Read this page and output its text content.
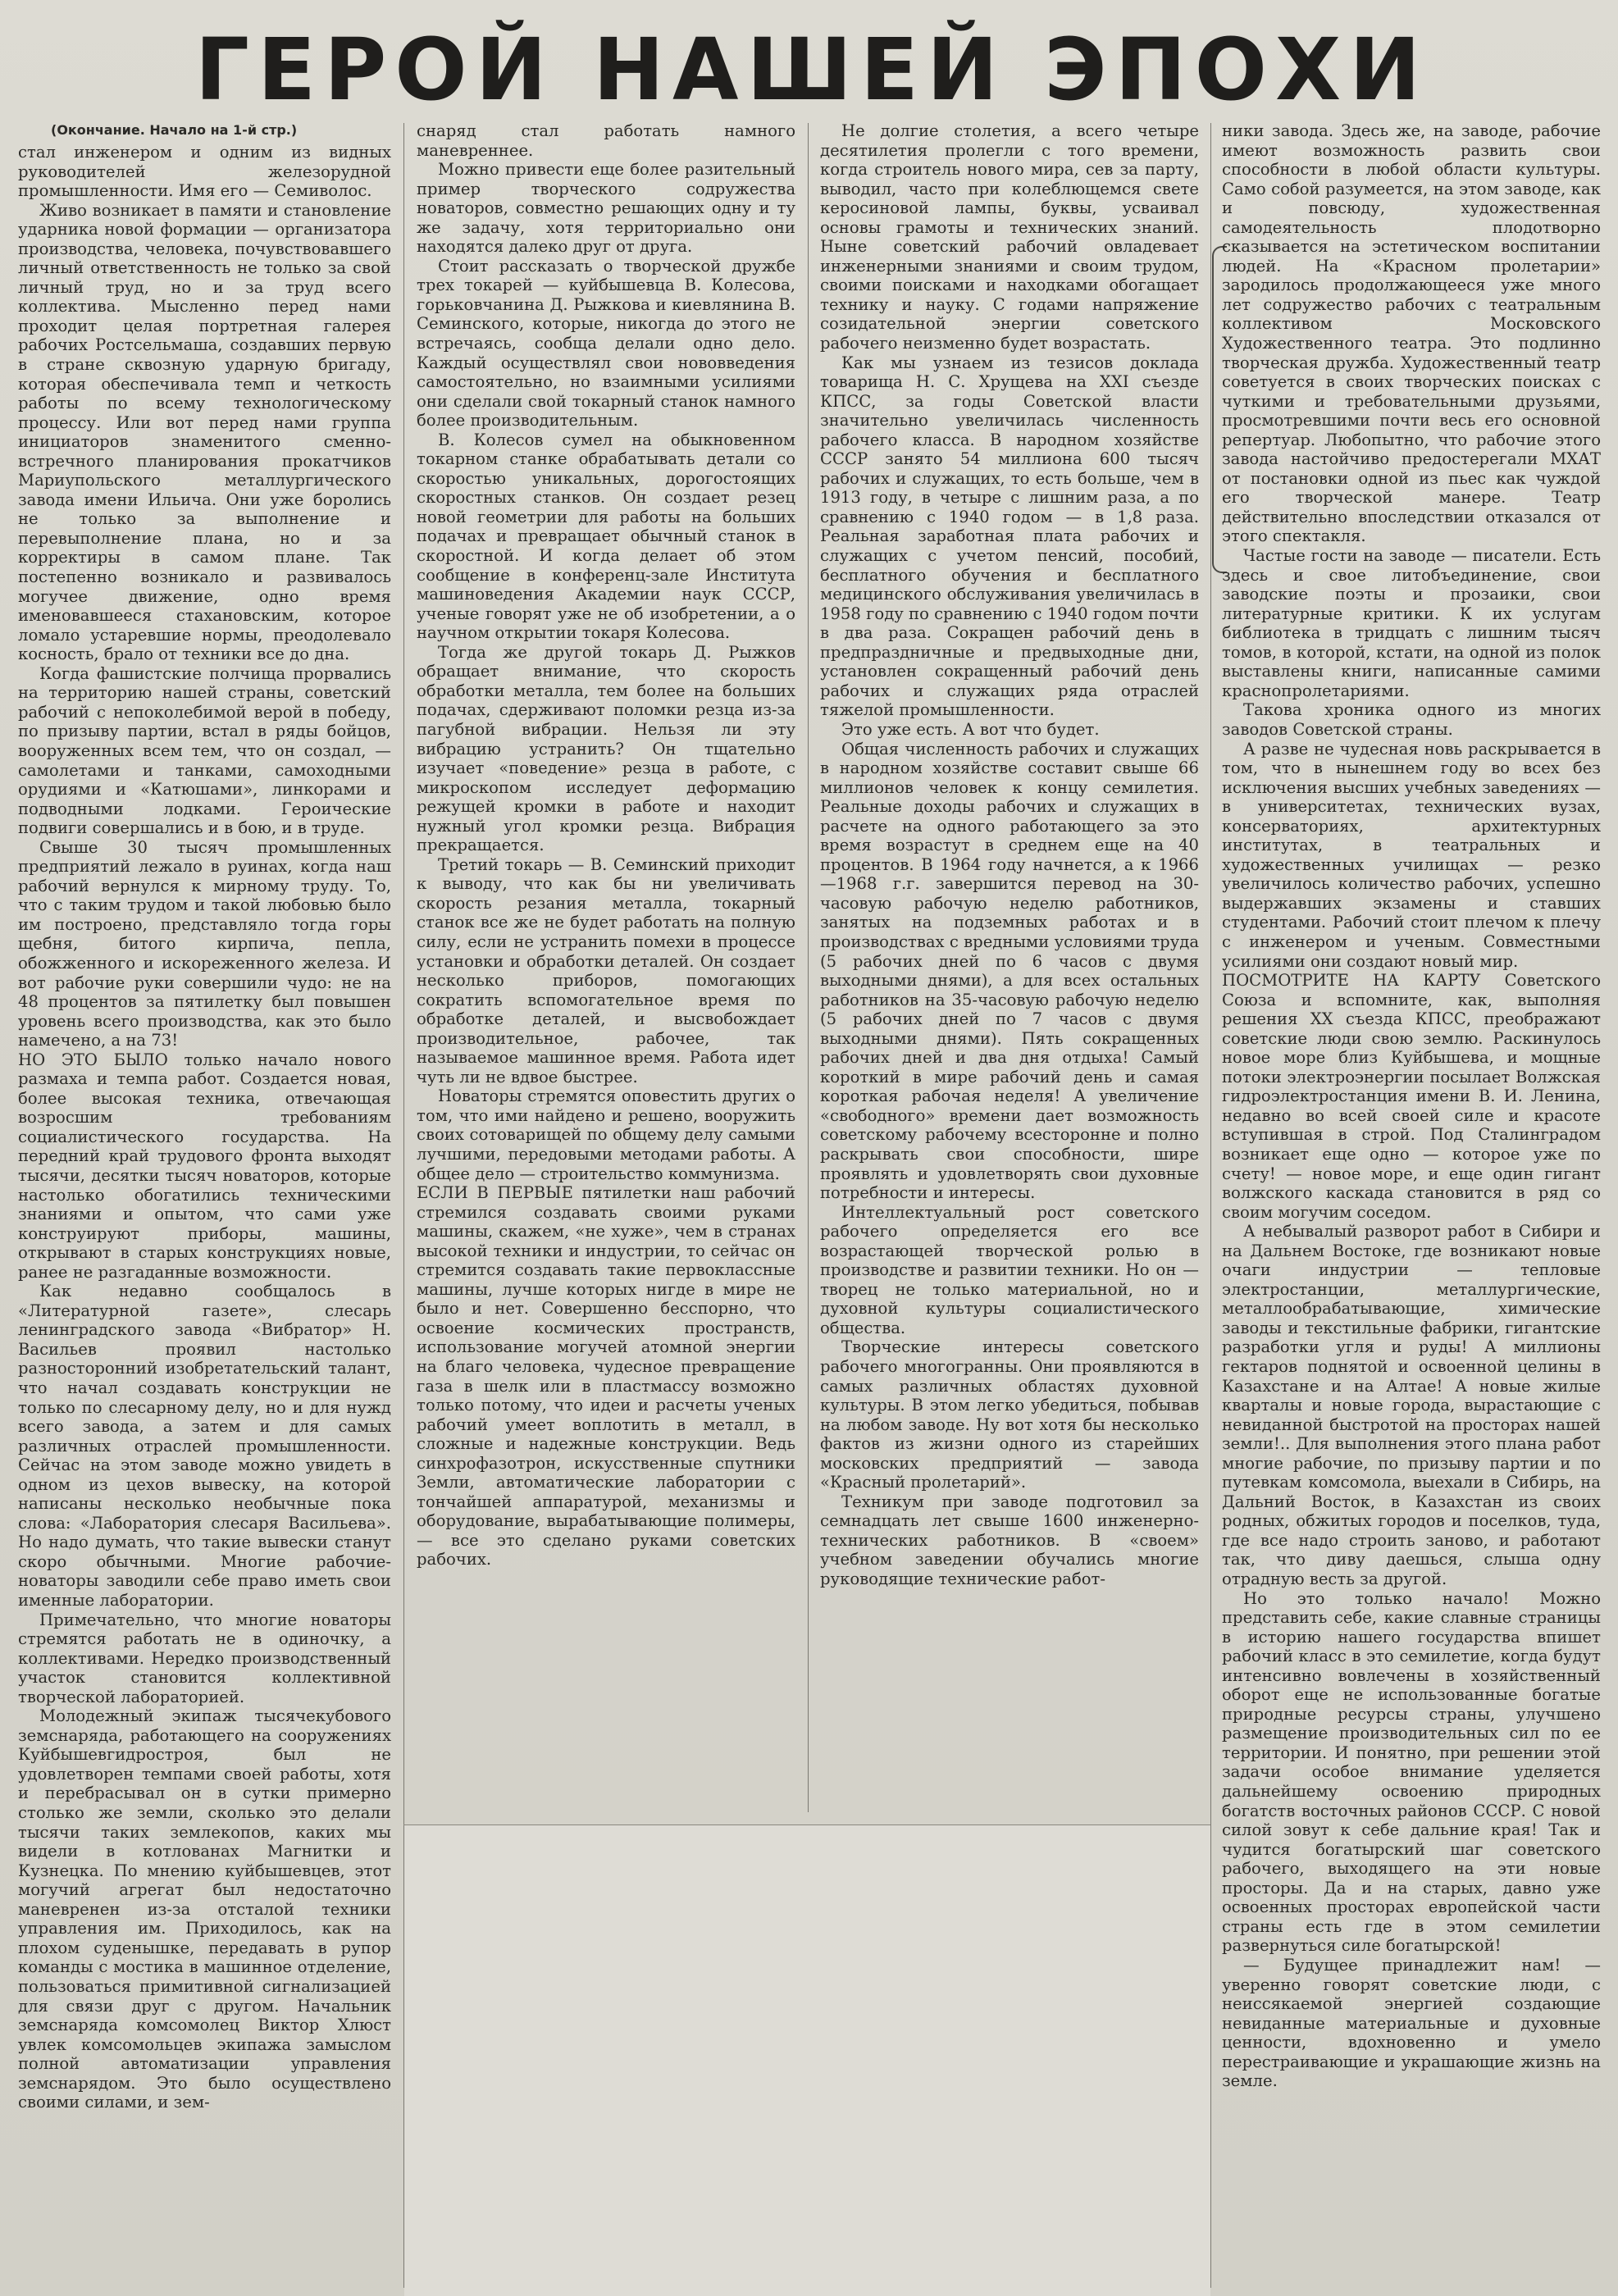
ГЕРОЙ НАШЕЙ ЭПОХИ
(Окончание. Начало на 1-й стр.)

стал инженером и одним из видных руководителей железорудной промышленности. Имя его — Семиволос.

Живо возникает в памяти и становление ударника новой формации — организатора производства, человека, почувствовавшего личный ответственность не только за свой личный труд, но и за труд всего коллектива. Мысленно перед нами проходит целая портретная галерея рабочих Ростсельмаша, создавших первую в стране сквозную ударную бригаду, которая обеспечивала темп и четкость работы по всему технологическому процессу. Или вот перед нами группа инициаторов знаменитого сменно-встречного планирования прокатчиков Мариупольского металлургического завода имени Ильича. Они уже боролись не только за выполнение и перевыполнение плана, но и за корректиры в самом плане. Так постепенно возникало и развивалось могучее движение, одно время именовавшееся стахановским, которое ломало устаревшие нормы, преодолевало косность, брало от техники все до дна.

Когда фашистские полчища прорвались на территорию нашей страны, советский рабочий с непоколебимой верой в победу, по призыву партии, встал в ряды бойцов, вооруженных всем тем, что он создал, — самолетами и танками, самоходными орудиями и «Катюшами», линкорами и подводными лодками. Героические подвиги совершались и в бою, и в труде.

Свыше 30 тысяч промышленных предприятий лежало в руинах, когда наш рабочий вернулся к мирному труду. То, что с таким трудом и такой любовью было им построено, представляло тогда горы щебня, битого кирпича, пепла, обожженного и искореженного железа. И вот рабочие руки совершили чудо: не на 48 процентов за пятилетку был повышен уровень всего производства, как это было намечено, а на 73!

НО ЭТО БЫЛО только начало нового размаха и темпа работ. Создается новая, более высокая техника, отвечающая возросшим требованиям социалистического государства. На передний край трудового фронта выходят тысячи, десятки тысяч новаторов, которые настолько обогатились техническими знаниями и опытом, что сами уже конструируют приборы, машины, открывают в старых конструкциях новые, ранее не разгаданные возможности.

Как недавно сообщалось в «Литературной газете», слесарь ленинградского завода «Вибратор» Н. Васильев проявил настолько разносторонний изобретательский талант, что начал создавать конструкции не только по слесарному делу, но и для нужд всего завода, а затем и для самых различных отраслей промышленности. Сейчас на этом заводе можно увидеть в одном из цехов вывеску, на которой написаны несколько необычные пока слова: «Лаборатория слесаря Васильева». Но надо думать, что такие вывески станут скоро обычными. Многие рабочие-новаторы заводили себе право иметь свои именные лаборатории.

Примечательно, что многие новаторы стремятся работать не в одиночку, а коллективами. Нередко производственный участок становится коллективной творческой лабораторией.

Молодежный экипаж тысячекубового земснаряда, работающего на сооружениях Куйбышевгидростроя, был не удовлетворен темпами своей работы, хотя и перебрасывал он в сутки примерно столько же земли, сколько это делали тысячи таких землекопов, каких мы видели в котлованах Магнитки и Кузнецка. По мнению куйбышевцев, этот могучий агрегат был недостаточно маневренен из-за отсталой техники управления им. Приходилось, как на плохом суденышке, передавать в рупор команды с мостика в машинное отделение, пользоваться примитивной сигнализацией для связи друг с другом. Начальник земснаряда комсомолец Виктор Хлюст увлек комсомольцев экипажа замыслом полной автоматизации управления земснарядом. Это было осуществлено своими силами, и зем-

снаряд стал работать намного маневреннее.

Можно привести еще более разительный пример творческого содружества новаторов, совместно решающих одну и ту же задачу, хотя территориально они находятся далеко друг от друга.

Стоит рассказать о творческой дружбе трех токарей — куйбышевца В. Колесова, горьковчанина Д. Рыжкова и киевлянина В. Семинского, которые, никогда до этого не встречаясь, сообща делали одно дело. Каждый осуществлял свои нововведения самостоятельно, но взаимными усилиями они сделали свой токарный станок намного более производительным.

В. Колесов сумел на обыкновенном токарном станке обрабатывать детали со скоростью уникальных, дорогостоящих скоростных станков. Он создает резец новой геометрии для работы на больших подачах и превращает обычный станок в скоростной. И когда делает об этом сообщение в конференц-зале Института машиноведения Академии наук СССР, ученые говорят уже не об изобретении, а о научном открытии токаря Колесова.

Тогда же другой токарь Д. Рыжков обращает внимание, что скорость обработки металла, тем более на больших подачах, сдерживают поломки резца из-за пагубной вибрации. Нельзя ли эту вибрацию устранить? Он тщательно изучает «поведение» резца в работе, с микроскопом исследует деформацию режущей кромки в работе и находит нужный угол кромки резца. Вибрация прекращается.

Третий токарь — В. Семинский приходит к выводу, что как бы ни увеличивать скорость резания металла, токарный станок все же не будет работать на полную силу, если не устранить помехи в процессе установки и обработки деталей. Он создает несколько приборов, помогающих сократить вспомогательное время по обработке деталей, и высвобождает производительное, рабочее, так называемое машинное время. Работа идет чуть ли не вдвое быстрее.

Новаторы стремятся оповестить других о том, что ими найдено и решено, вооружить своих сотоварищей по общему делу самыми лучшими, передовыми методами работы. А общее дело — строительство коммунизма.

ЕСЛИ В ПЕРВЫЕ пятилетки наш рабочий стремился создавать своими руками машины, скажем, «не хуже», чем в странах высокой техники и индустрии, то сейчас он стремится создавать такие первоклассные машины, лучше которых нигде в мире не было и нет. Совершенно бесспорно, что освоение космических пространств, использование могучей атомной энергии на благо человека, чудесное превращение газа в шелк или в пластмассу возможно только потому, что идеи и расчеты ученых рабочий умеет воплотить в металл, в сложные и надежные конструкции. Ведь синхрофазотрон, искусственные спутники Земли, автоматические лаборатории с тончайшей аппаратурой, механизмы и оборудование, вырабатывающие полимеры, — все это сделано руками советских рабочих.

Не долгие столетия, а всего четыре десятилетия пролегли с того времени, когда строитель нового мира, сев за парту, выводил, часто при колеблющемся свете керосиновой лампы, буквы, усваивал основы грамоты и технических знаний. Ныне советский рабочий овладевает инженерными знаниями и своим трудом, своими поисками и находками обогащает технику и науку. С годами напряжение созидательной энергии советского рабочего неизменно будет возрастать.

Как мы узнаем из тезисов доклада товарища Н. С. Хрущева на XXI съезде КПСС, за годы Советской власти значительно увеличилась численность рабочего класса. В народном хозяйстве СССР занято 54 миллиона 600 тысяч рабочих и служащих, то есть больше, чем в 1913 году, в четыре с лишним раза, а по сравнению с 1940 годом — в 1,8 раза. Реальная заработная плата рабочих и служащих с учетом пенсий, пособий, бесплатного обучения и бесплатного медицинского обслуживания увеличилась в 1958 году по сравнению с 1940 годом почти в два раза. Сокращен рабочий день в предпраздничные и предвыходные дни, установлен сокращенный рабочий день рабочих и служащих ряда отраслей тяжелой промышленности.

Это уже есть. А вот что будет.

Общая численность рабочих и служащих в народном хозяйстве составит свыше 66 миллионов человек к концу семилетия. Реальные доходы рабочих и служащих в расчете на одного работающего за это время возрастут в среднем еще на 40 процентов. В 1964 году начнется, а к 1966—1968 г.г. завершится перевод на 30-часовую рабочую неделю работников, занятых на подземных работах и в производствах с вредными условиями труда (5 рабочих дней по 6 часов с двумя выходными днями), а для всех остальных работников на 35-часовую рабочую неделю (5 рабочих дней по 7 часов с двумя выходными днями). Пять сокращенных рабочих дней и два дня отдыха! Самый короткий в мире рабочий день и самая короткая рабочая неделя! А увеличение «свободного» времени дает возможность советскому рабочему всесторонне и полно раскрывать свои способности, шире проявлять и удовлетворять свои духовные потребности и интересы.

Интеллектуальный рост советского рабочего определяется его все возрастающей творческой ролью в производстве и развитии техники. Но он — творец не только материальной, но и духовной культуры социалистического общества.

Творческие интересы советского рабочего многогранны. Они проявляются в самых различных областях духовной культуры. В этом легко убедиться, побывав на любом заводе. Ну вот хотя бы несколько фактов из жизни одного из старейших московских предприятий — завода «Красный пролетарий».

Техникум при заводе подготовил за семнадцать лет свыше 1600 инженерно-технических работников. В «своем» учебном заведении обучались многие руководящие технические работ-

ники завода. Здесь же, на заводе, рабочие имеют возможность развить свои способности в любой области культуры. Само собой разумеется, на этом заводе, как и повсюду, художественная самодеятельность плодотворно сказывается на эстетическом воспитании людей. На «Красном пролетарии» зародилось продолжающееся уже много лет содружество рабочих с театральным коллективом Московского Художественного театра. Это подлинно творческая дружба. Художественный театр советуется в своих творческих поисках с чуткими и требовательными друзьями, просмотревшими почти весь его основной репертуар. Любопытно, что рабочие этого завода настойчиво предостерегали МХАТ от постановки одной из пьес как чуждой его творческой манере. Театр действительно впоследствии отказался от этого спектакля.

Частые гости на заводе — писатели. Есть здесь и свое литобъединение, свои заводские поэты и прозаики, свои литературные критики. К их услугам библиотека в тридцать с лишним тысяч томов, в которой, кстати, на одной из полок выставлены книги, написанные самими краснопролетариями.

Такова хроника одного из многих заводов Советской страны.

А разве не чудесная новь раскрывается в том, что в нынешнем году во всех без исключения высших учебных заведениях — в университетах, технических вузах, консерваториях, архитектурных институтах, в театральных и художественных училищах — резко увеличилось количество рабочих, успешно выдержавших экзамены и ставших студентами. Рабочий стоит плечом к плечу с инженером и ученым. Совместными усилиями они создают новый мир.

ПОСМОТРИТЕ НА КАРТУ Советского Союза и вспомните, как, выполняя решения XX съезда КПСС, преображают советские люди свою землю. Раскинулось новое море близ Куйбышева, и мощные потоки электроэнергии посылает Волжская гидроэлектростанция имени В. И. Ленина, недавно во всей своей силе и красоте вступившая в строй. Под Сталинградом возникает еще одно — которое уже по счету! — новое море, и еще один гигант волжского каскада становится в ряд со своим могучим соседом.

А небывалый разворот работ в Сибири и на Дальнем Востоке, где возникают новые очаги индустрии — тепловые электростанции, металлургические, металлообрабатывающие, химические заводы и текстильные фабрики, гигантские разработки угля и руды! А миллионы гектаров поднятой и освоенной целины в Казахстане и на Алтае! А новые жилые кварталы и новые города, вырастающие с невиданной быстротой на просторах нашей земли!.. Для выполнения этого плана работ многие рабочие, по призыву партии и по путевкам комсомола, выехали в Сибирь, на Дальний Восток, в Казахстан из своих родных, обжитых городов и поселков, туда, где все надо строить заново, и работают так, что диву даешься, слыша одну отрадную весть за другой.

Но это только начало! Можно представить себе, какие славные страницы в историю нашего государства впишет рабочий класс в это семилетие, когда будут интенсивно вовлечены в хозяйственный оборот еще не использованные богатые природные ресурсы страны, улучшено размещение производительных сил по ее территории. И понятно, при решении этой задачи особое внимание уделяется дальнейшему освоению природных богатств восточных районов СССР. С новой силой зовут к себе дальние края! Так и чудится богатырский шаг советского рабочего, выходящего на эти новые просторы. Да и на старых, давно уже освоенных просторах европейской части страны есть где в этом семилетии развернуться силе богатырской!

— Будущее принадлежит нам! — уверенно говорят советские люди, с неиссякаемой энергией создающие невиданные материальные и духовные ценности, вдохновенно и умело перестраивающие и украшающие жизнь на земле.
